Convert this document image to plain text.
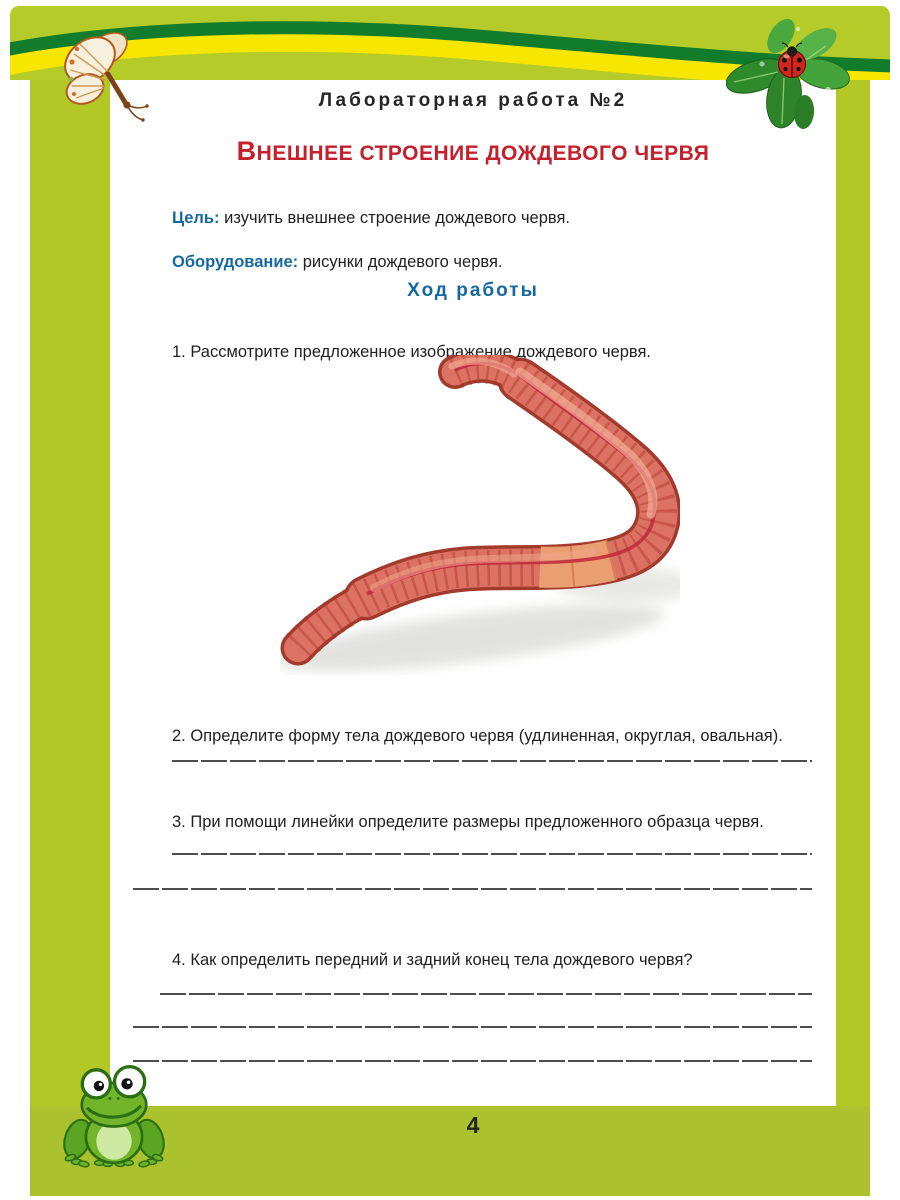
Лабораторная работа №2
ВНЕШНЕЕ СТРОЕНИЕ ДОЖДЕВОГО ЧЕРВЯ

Цель: изучить внешнее строение дождевого червя.

Оборудование: рисунки дождевого червя.

Ход работы

1. Рассмотрите предложенное изображение дождевого червя.

2. Определите форму тела дождевого червя (удлиненная, округлая, овальная).

3. При помощи линейки определите размеры предложенного образца червя.

4. Как определить передний и задний конец тела дождевого червя?

4
